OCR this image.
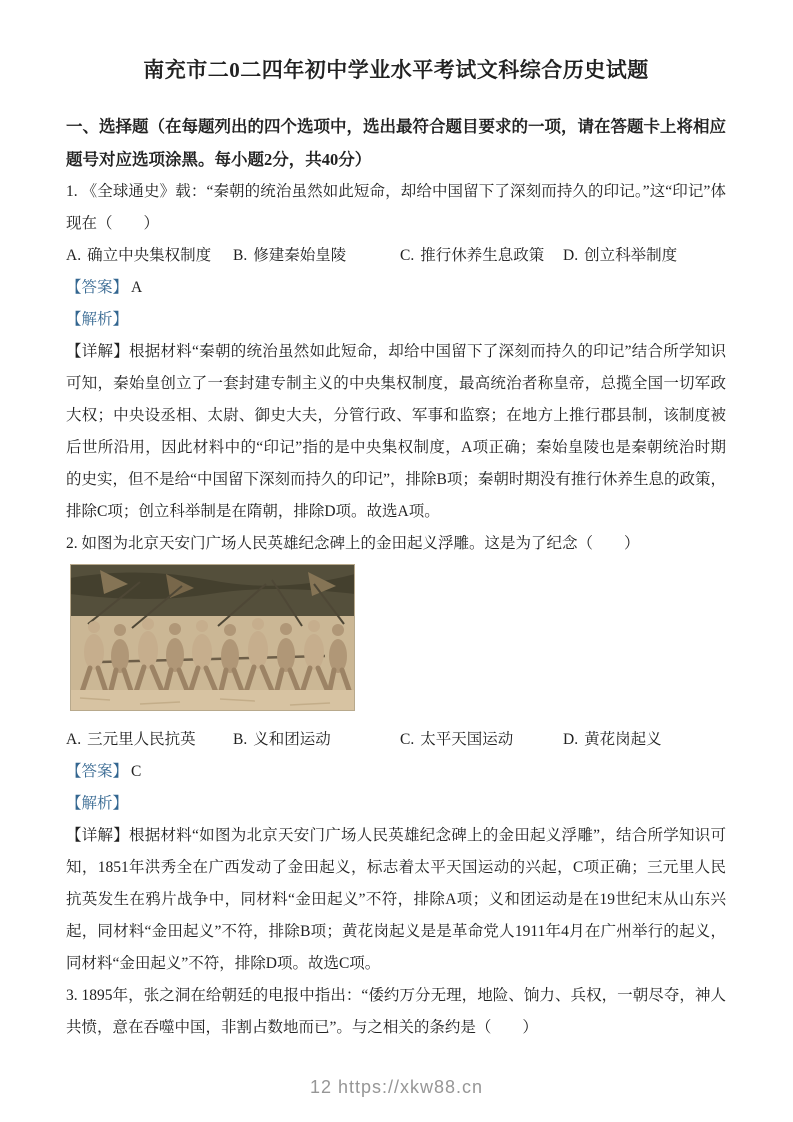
南充市二0二四年初中学业水平考试文科综合历史试题

一、选择题（在每题列出的四个选项中，选出最符合题目要求的一项，请在答题卡上将相应题号对应选项涂黑。每小题2分，共40分）

1. 《全球通史》载：“秦朝的统治虽然如此短命，却给中国留下了深刻而持久的印记。”这“印记”体现在（　　）

A. 确立中央集权制度	B. 修建秦始皇陵	C. 推行休养生息政策	D. 创立科举制度

【答案】 A

【解析】

【详解】根据材料“秦朝的统治虽然如此短命，却给中国留下了深刻而持久的印记”结合所学知识可知，秦始皇创立了一套封建专制主义的中央集权制度，最高统治者称皇帝，总揽全国一切军政大权；中央设丞相、太尉、御史大夫，分管行政、军事和监察；在地方上推行郡县制，该制度被后世所沿用，因此材料中的“印记”指的是中央集权制度，A项正确；秦始皇陵也是秦朝统治时期的史实，但不是给“中国留下深刻而持久的印记”，排除B项；秦朝时期没有推行休养生息的政策，排除C项；创立科举制是在隋朝，排除D项。故选A项。

2. 如图为北京天安门广场人民英雄纪念碑上的金田起义浮雕。这是为了纪念（　　）

A. 三元里人民抗英	B. 义和团运动	C. 太平天国运动	D. 黄花岗起义

【答案】 C

【解析】

【详解】根据材料“如图为北京天安门广场人民英雄纪念碑上的金田起义浮雕”，结合所学知识可知，1851年洪秀全在广西发动了金田起义，标志着太平天国运动的兴起，C项正确；三元里人民抗英发生在鸦片战争中，同材料“金田起义”不符，排除A项；义和团运动是在19世纪末从山东兴起，同材料“金田起义”不符，排除B项；黄花岗起义是是革命党人1911年4月在广州举行的起义，同材料“金田起义”不符，排除D项。故选C项。

3. 1895年，张之洞在给朝廷的电报中指出：“倭约万分无理，地险、饷力、兵权，一朝尽夺，神人共愤，意在吞噬中国，非割占数地而已”。与之相关的条约是（　　）

12 https://xkw88.cn
